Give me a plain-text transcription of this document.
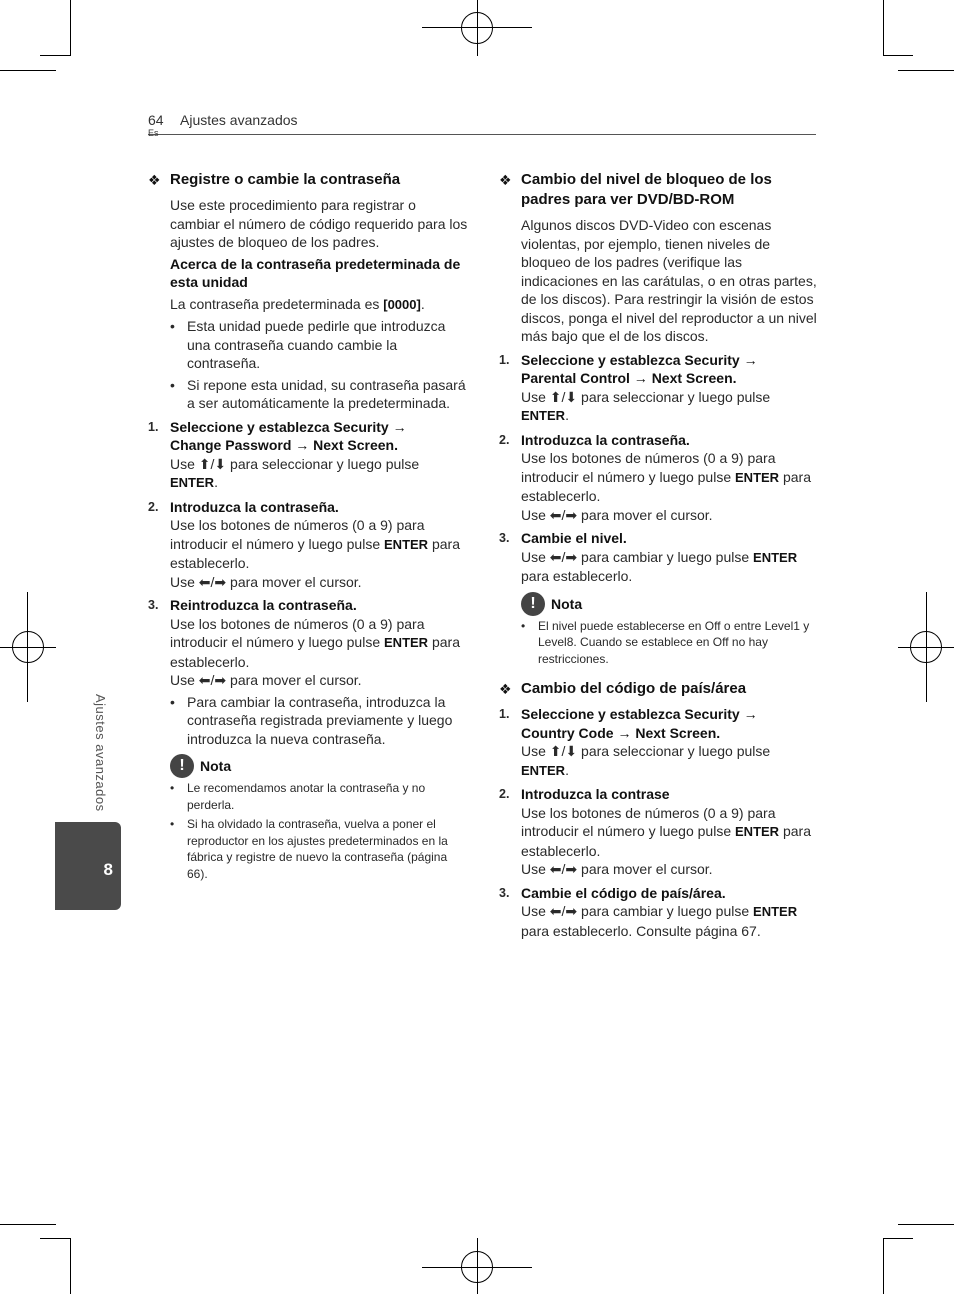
64
Es
Ajustes avanzados
Ajustes avanzados
8
❖ Registre o cambie la contraseña

Use este procedimiento para registrar o cambiar el número de código requerido para los ajustes de bloqueo de los padres.

Acerca de la contraseña predeterminada de esta unidad

La contraseña predeterminada es [0000].

• Esta unidad puede pedirle que introduzca una contraseña cuando cambie la contraseña.
• Si repone esta unidad, su contraseña pasará a ser automáticamente la predeterminada.
1. Seleccione y establezca Security →
Change Password → Next Screen.
Use ⬆/⬇ para seleccionar y luego pulse
ENTER.
2. Introduzca la contraseña.
Use los botones de números (0 a 9) para introducir el número y luego pulse ENTER para establecerlo.
Use ⬅/➡ para mover el cursor.
3. Reintroduzca la contraseña.
Use los botones de números (0 a 9) para introducir el número y luego pulse ENTER para establecerlo.
Use ⬅/➡ para mover el cursor.
• Para cambiar la contraseña, introduzca la contraseña registrada previamente y luego introduzca la nueva contraseña.
!	Nota
• Le recomendamos anotar la contraseña y no perderla.
• Si ha olvidado la contraseña, vuelva a poner el reproductor en los ajustes predeterminados en la fábrica y registre de nuevo la contraseña (página 66).
❖ Cambio del nivel de bloqueo de los padres para ver DVD/BD-ROM

Algunos discos DVD-Video con escenas violentas, por ejemplo, tienen niveles de bloqueo de los padres (verifique las indicaciones en las carátulas, o en otras partes, de los discos). Para restringir la visión de estos discos, ponga el nivel del reproductor a un nivel más bajo que el de los discos.

1. Seleccione y establezca Security →
Parental Control → Next Screen.
Use ⬆/⬇ para seleccionar y luego pulse
ENTER.
2. Introduzca la contraseña.
Use los botones de números (0 a 9) para introducir el número y luego pulse ENTER para establecerlo.
Use ⬅/➡ para mover el cursor.
3. Cambie el nivel.
Use ⬅/➡ para cambiar y luego pulse ENTER para establecerlo.
!	Nota
• El nivel puede establecerse en Off o entre Level1 y Level8. Cuando se establece en Off no hay restricciones.
❖ Cambio del código de país/área
1. Seleccione y establezca Security →
Country Code → Next Screen.
Use ⬆/⬇ para seleccionar y luego pulse
ENTER.
2. Introduzca la contrase
Use los botones de números (0 a 9) para introducir el número y luego pulse ENTER para establecerlo.
Use ⬅/➡ para mover el cursor.
3. Cambie el código de país/área.
Use ⬅/➡ para cambiar y luego pulse ENTER para establecerlo. Consulte página 67.
